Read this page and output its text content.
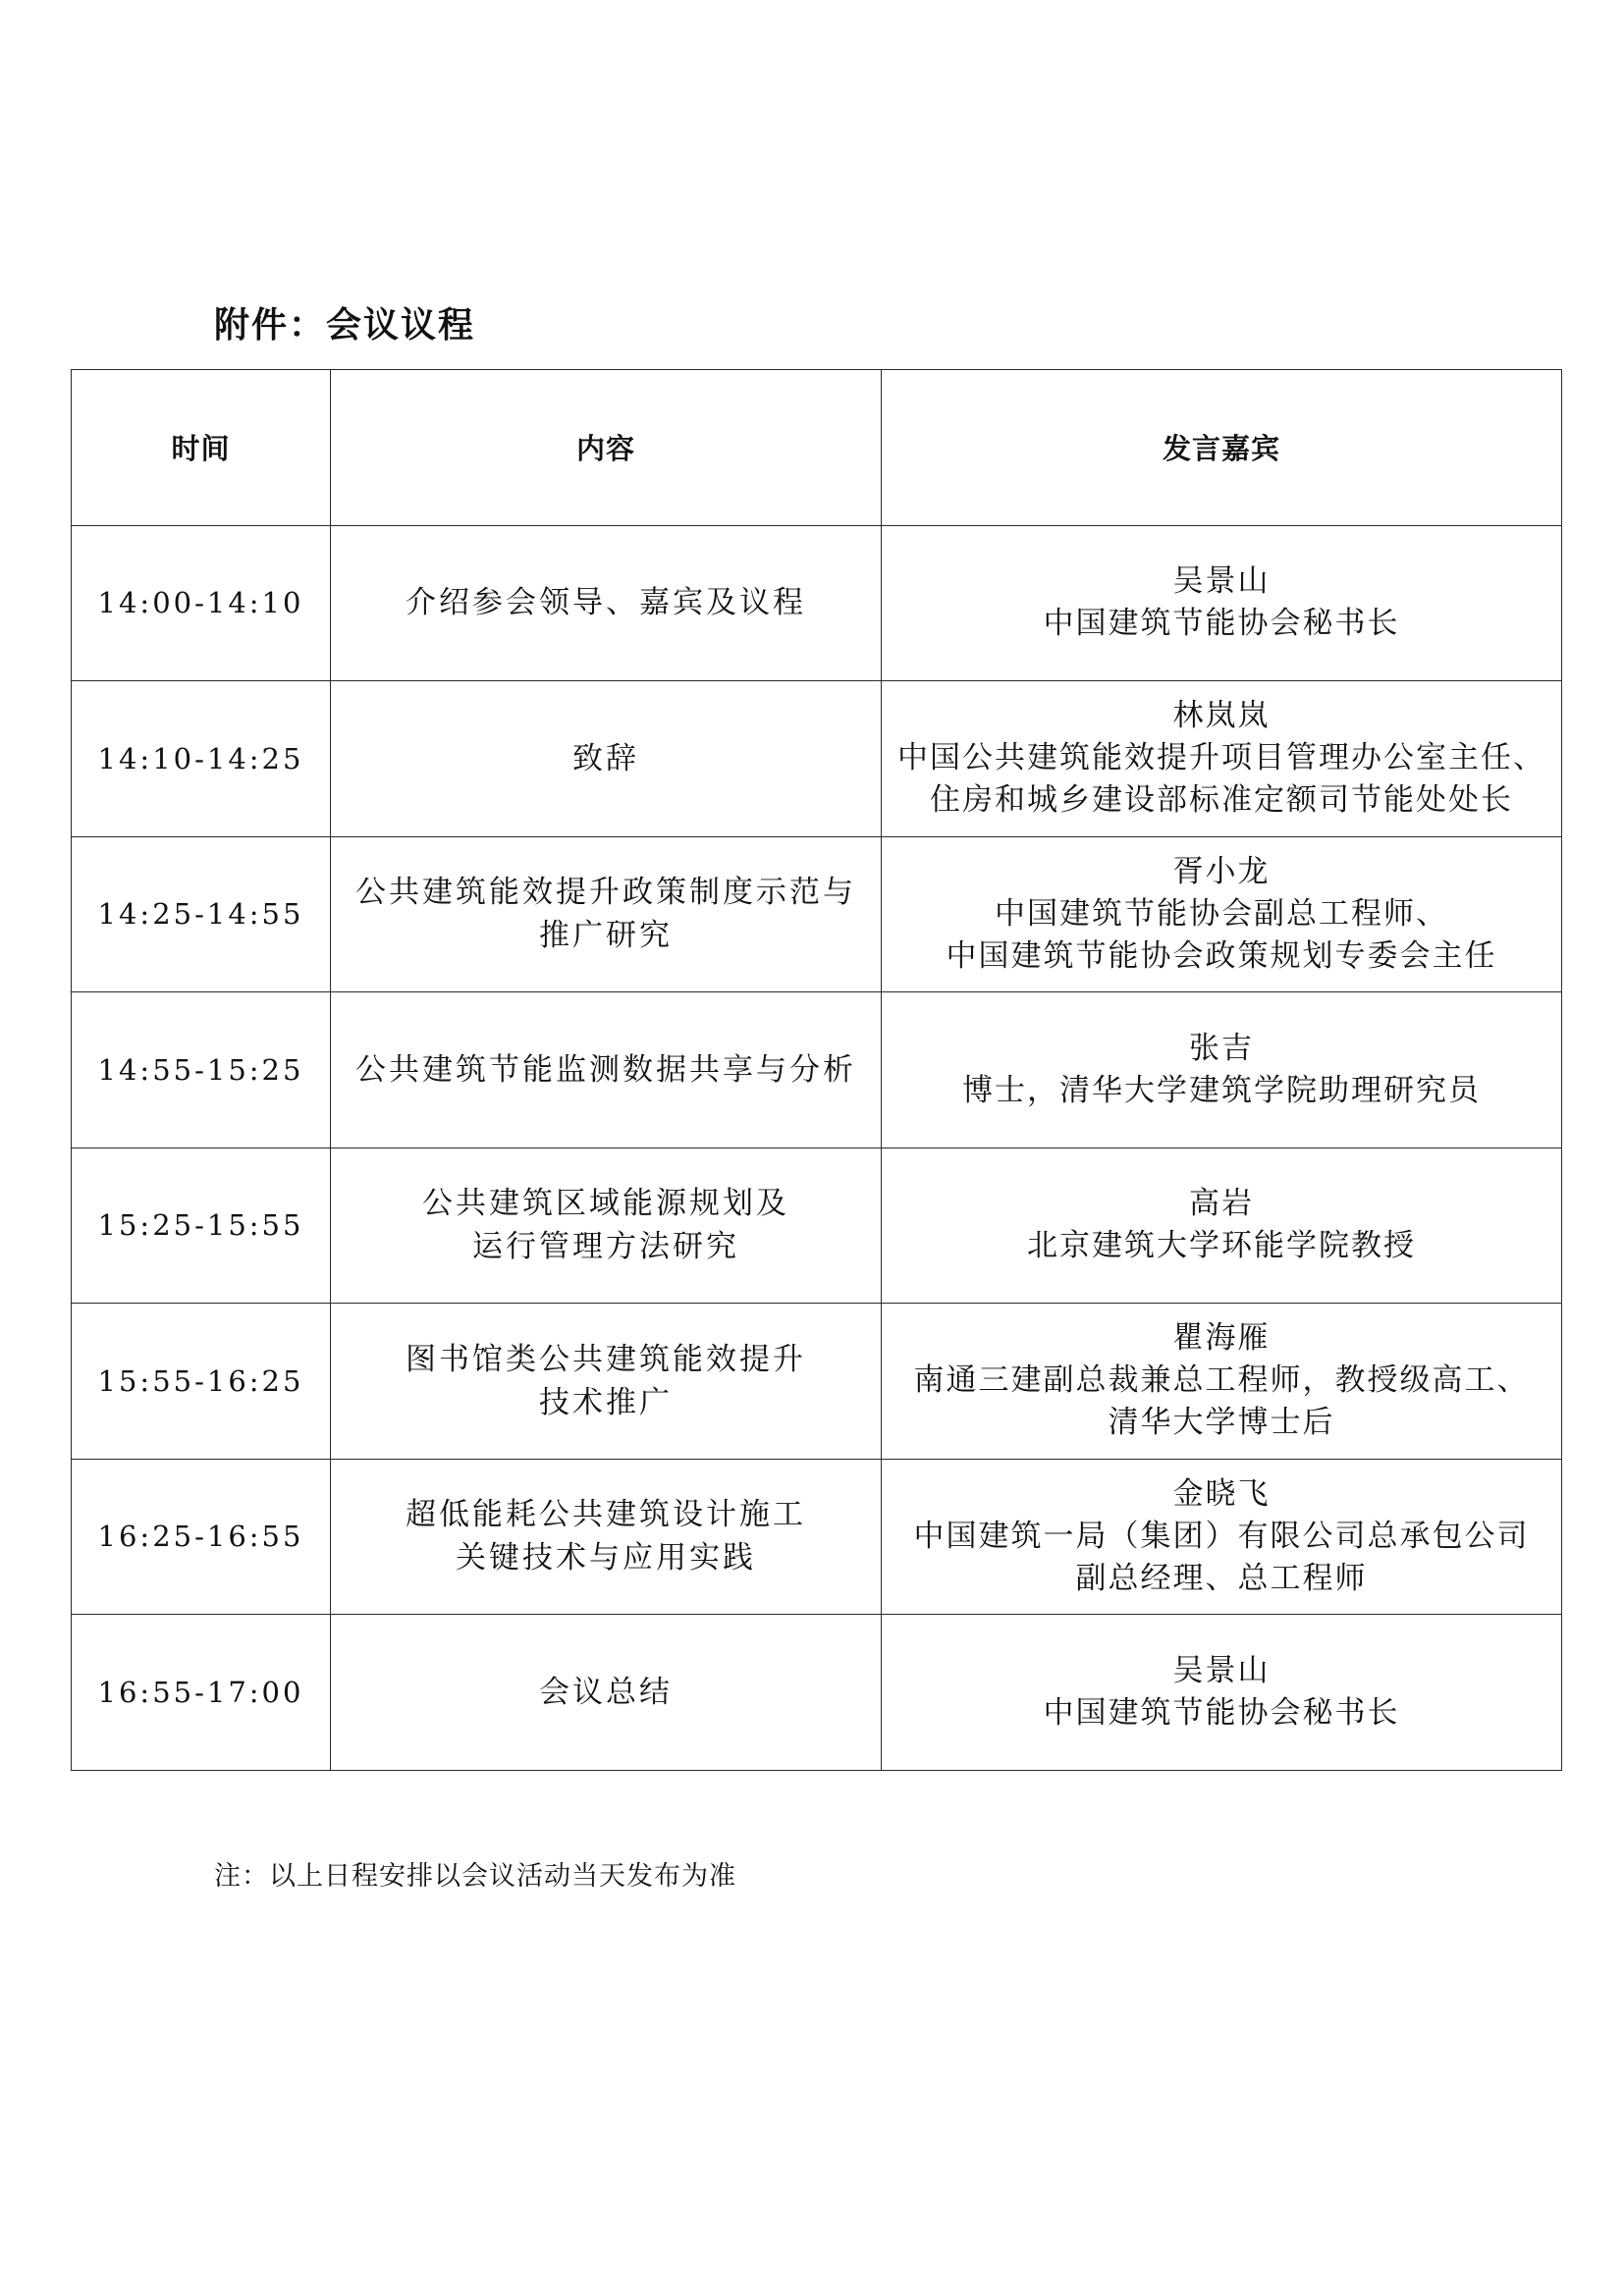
附件：会议议程
时间	内容	发言嘉宾
14:00-14:10	介绍参会领导、嘉宾及议程	吴景山
中国建筑节能协会秘书长

14:10-14:25	致辞	林岚岚
中国公共建筑能效提升项目管理办公室主任、
住房和城乡建设部标准定额司节能处处长

14:25-14:55	公共建筑能效提升政策制度示范与
推广研究	胥小龙
中国建筑节能协会副总工程师、
中国建筑节能协会政策规划专委会主任

14:55-15:25	公共建筑节能监测数据共享与分析	张吉
博士，清华大学建筑学院助理研究员

15:25-15:55	公共建筑区域能源规划及
运行管理方法研究	高岩
北京建筑大学环能学院教授

15:55-16:25	图书馆类公共建筑能效提升
技术推广	瞿海雁
南通三建副总裁兼总工程师，教授级高工、
清华大学博士后

16:25-16:55	超低能耗公共建筑设计施工
关键技术与应用实践	金晓飞
中国建筑一局（集团）有限公司总承包公司
副总经理、总工程师

16:55-17:00	会议总结	吴景山
中国建筑节能协会秘书长
注：以上日程安排以会议活动当天发布为准
